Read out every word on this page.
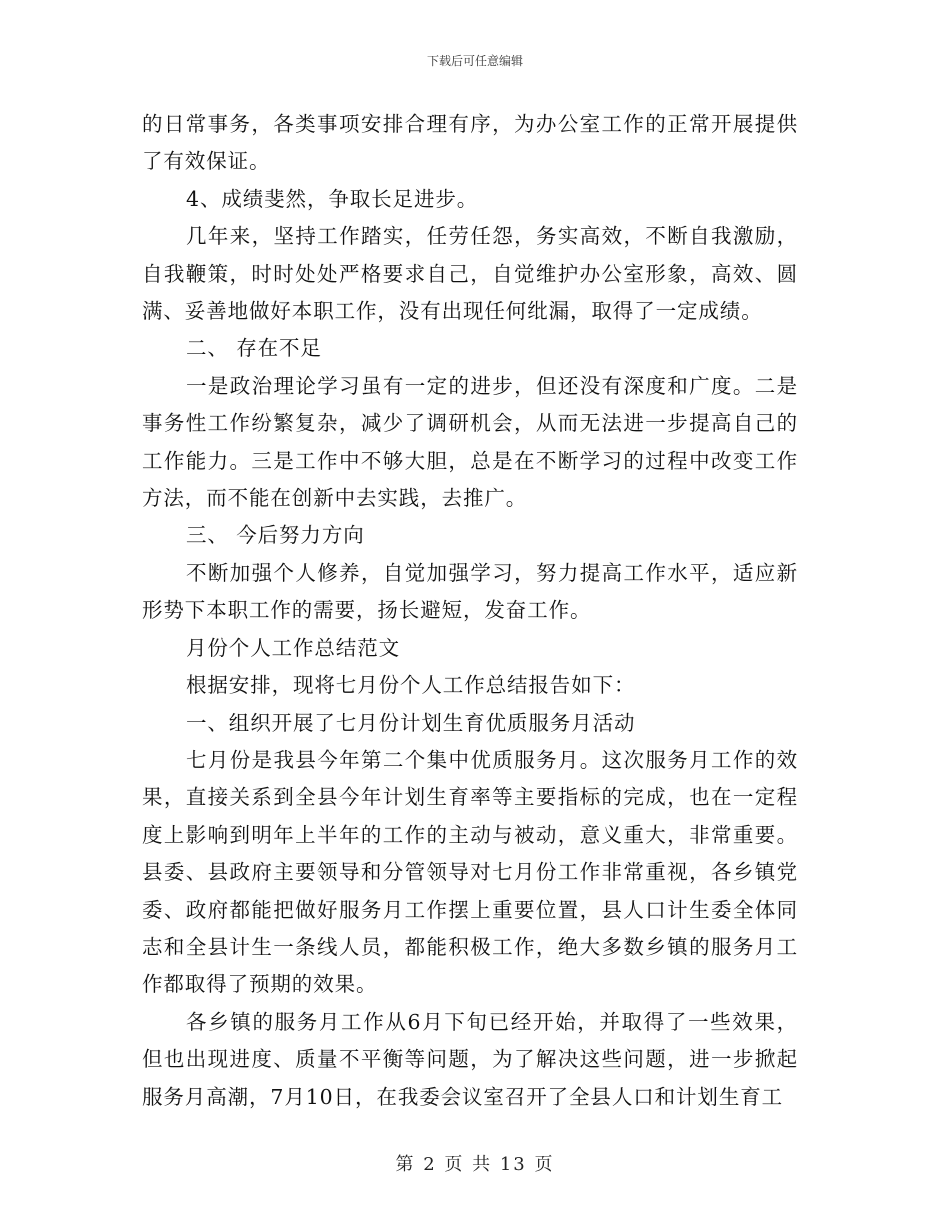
下载后可任意编辑

的日常事务，各类事项安排合理有序，为办公室工作的正常开展提供了有效保证。

4、成绩斐然，争取长足进步。

几年来，坚持工作踏实，任劳任怨，务实高效，不断自我激励，自我鞭策，时时处处严格要求自己，自觉维护办公室形象，高效、圆满、妥善地做好本职工作，没有出现任何纰漏，取得了一定成绩。

二、 存在不足

一是政治理论学习虽有一定的进步，但还没有深度和广度。二是事务性工作纷繁复杂，减少了调研机会，从而无法进一步提高自己的工作能力。三是工作中不够大胆，总是在不断学习的过程中改变工作方法，而不能在创新中去实践，去推广。

三、 今后努力方向

不断加强个人修养，自觉加强学习，努力提高工作水平，适应新形势下本职工作的需要，扬长避短，发奋工作。

月份个人工作总结范文

根据安排，现将七月份个人工作总结报告如下：

一、组织开展了七月份计划生育优质服务月活动

七月份是我县今年第二个集中优质服务月。这次服务月工作的效果，直接关系到全县今年计划生育率等主要指标的完成，也在一定程度上影响到明年上半年的工作的主动与被动，意义重大，非常重要。县委、县政府主要领导和分管领导对七月份工作非常重视，各乡镇党委、政府都能把做好服务月工作摆上重要位置，县人口计生委全体同志和全县计生一条线人员，都能积极工作，绝大多数乡镇的服务月工作都取得了预期的效果。

各乡镇的服务月工作从6月下旬已经开始，并取得了一些效果，但也出现进度、质量不平衡等问题，为了解决这些问题，进一步掀起服务月高潮，7月10日，在我委会议室召开了全县人口和计划生育工

第 2 页 共 13 页
